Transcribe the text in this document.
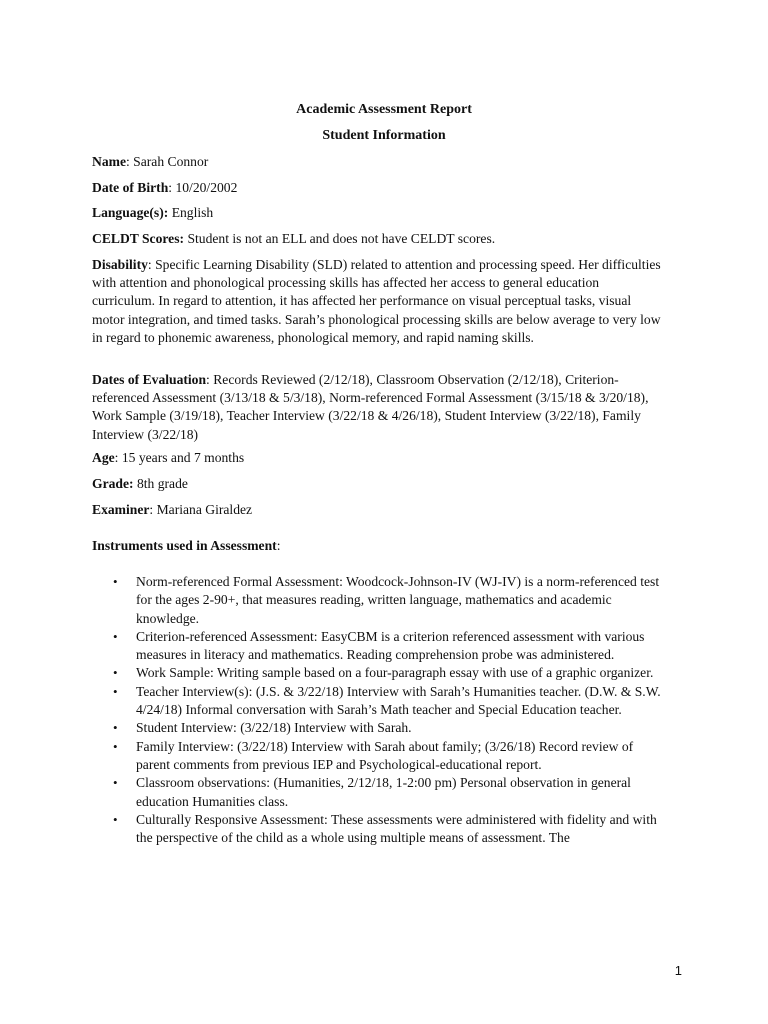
Academic Assessment Report
Student Information
Name: Sarah Connor
Date of Birth: 10/20/2002
Language(s): English
CELDT Scores: Student is not an ELL and does not have CELDT scores.
Disability: Specific Learning Disability (SLD) related to attention and processing speed. Her difficulties with attention and phonological processing skills has affected her access to general education curriculum. In regard to attention, it has affected her performance on visual perceptual tasks, visual motor integration, and timed tasks. Sarah’s phonological processing skills are below average to very low in regard to phonemic awareness, phonological memory, and rapid naming skills.
Dates of Evaluation: Records Reviewed (2/12/18), Classroom Observation (2/12/18), Criterion-referenced Assessment (3/13/18 & 5/3/18), Norm-referenced Formal Assessment (3/15/18 & 3/20/18), Work Sample (3/19/18), Teacher Interview (3/22/18 & 4/26/18), Student Interview (3/22/18), Family Interview (3/22/18)
Age: 15 years and 7 months
Grade: 8th grade
Examiner: Mariana Giraldez
Instruments used in Assessment:
• Norm-referenced Formal Assessment: Woodcock-Johnson-IV (WJ-IV) is a norm-referenced test for the ages 2-90+, that measures reading, written language, mathematics and academic knowledge.
• Criterion-referenced Assessment: EasyCBM is a criterion referenced assessment with various measures in literacy and mathematics. Reading comprehension probe was administered.
• Work Sample: Writing sample based on a four-paragraph essay with use of a graphic organizer.
• Teacher Interview(s): (J.S. & 3/22/18) Interview with Sarah’s Humanities teacher. (D.W. & S.W. 4/24/18) Informal conversation with Sarah’s Math teacher and Special Education teacher.
• Student Interview: (3/22/18) Interview with Sarah.
• Family Interview: (3/22/18) Interview with Sarah about family; (3/26/18) Record review of parent comments from previous IEP and Psychological-educational report.
• Classroom observations: (Humanities, 2/12/18, 1-2:00 pm) Personal observation in general education Humanities class.
• Culturally Responsive Assessment: These assessments were administered with fidelity and with the perspective of the child as a whole using multiple means of assessment. The
1
